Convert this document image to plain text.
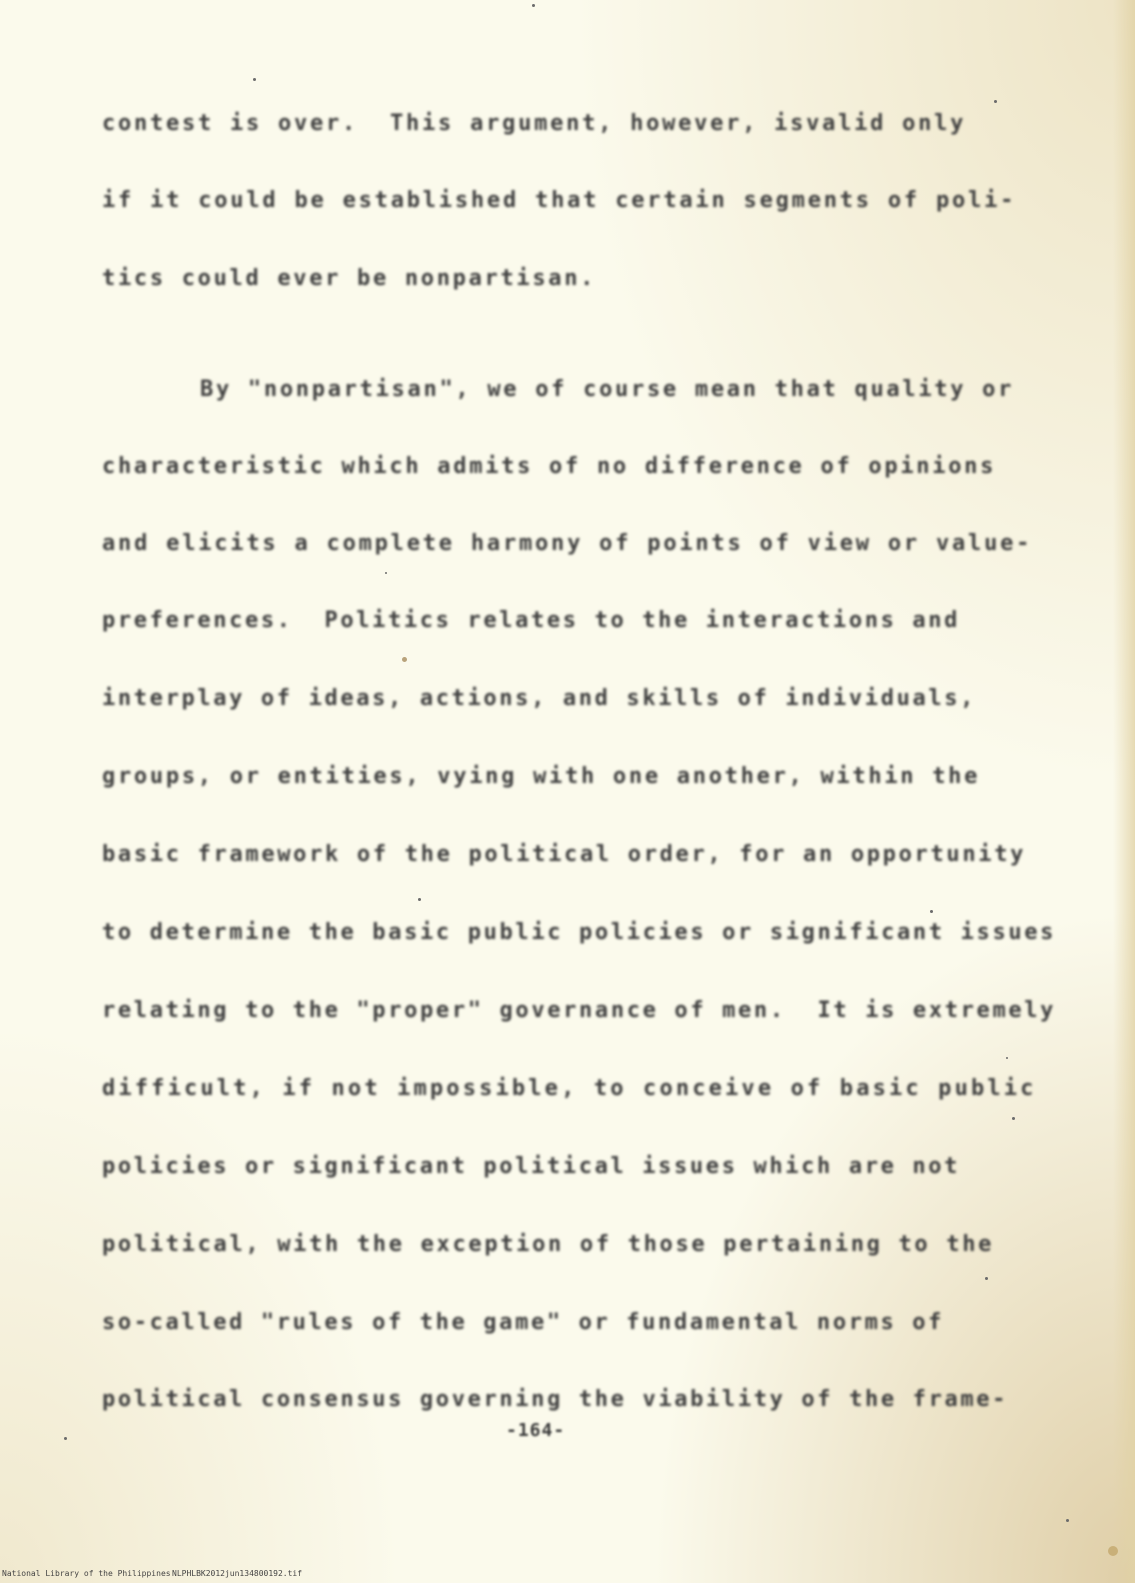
contest is over.  This argument, however, isvalid only
if it could be established that certain segments of poli-
tics could ever be nonpartisan.
By "nonpartisan", we of course mean that quality or
characteristic which admits of no difference of opinions
and elicits a complete harmony of points of view or value-
preferences.  Politics relates to the interactions and
interplay of ideas, actions, and skills of individuals,
groups, or entities, vying with one another, within the
basic framework of the political order, for an opportunity
to determine the basic public policies or significant issues
relating to the "proper" governance of men.  It is extremely
difficult, if not impossible, to conceive of basic public
policies or significant political issues which are not
political, with the exception of those pertaining to the
so-called "rules of the game" or fundamental norms of
political consensus governing the viability of the frame-
-164-
National Library of the Philippines NLPHLBK2012jun134800192.tif
